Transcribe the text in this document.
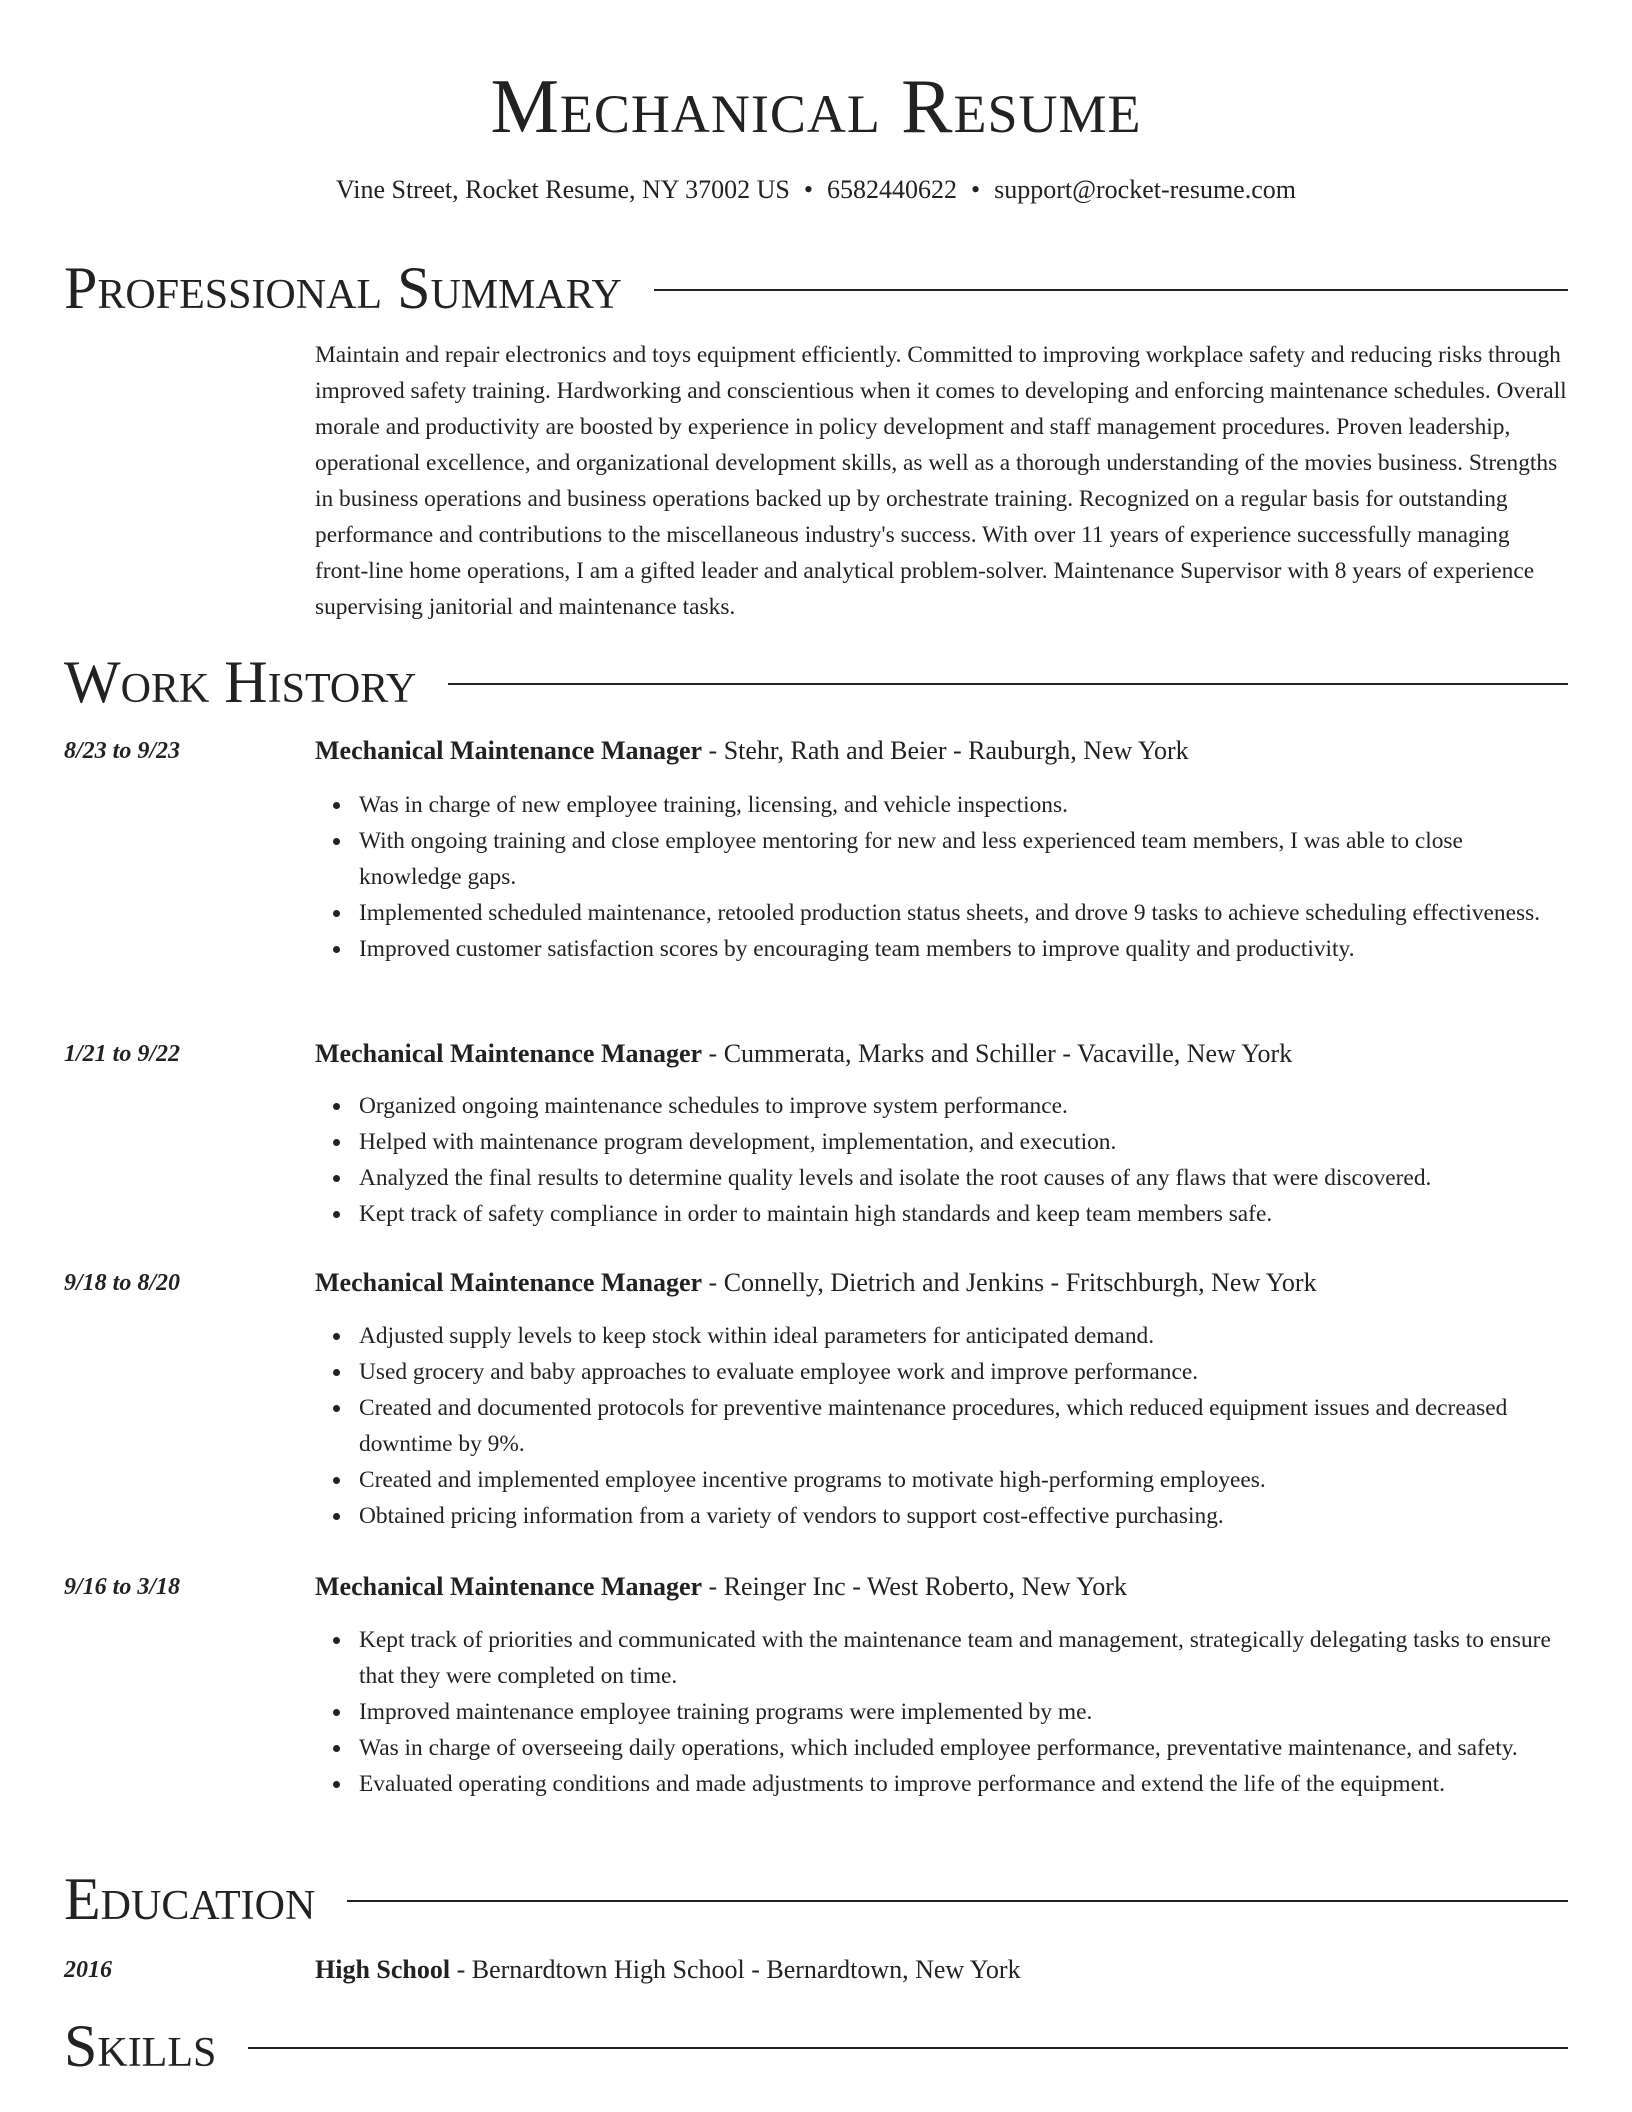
Mechanical Resume
Vine Street, Rocket Resume, NY 37002 US • 6582440622 • support@rocket-resume.com
Professional Summary

Maintain and repair electronics and toys equipment efficiently. Committed to improving workplace safety and reducing risks through improved safety training. Hardworking and conscientious when it comes to developing and enforcing maintenance schedules. Overall morale and productivity are boosted by experience in policy development and staff management procedures. Proven leadership, operational excellence, and organizational development skills, as well as a thorough understanding of the movies business. Strengths in business operations and business operations backed up by orchestrate training. Recognized on a regular basis for outstanding performance and contributions to the miscellaneous industry's success. With over 11 years of experience successfully managing front-line home operations, I am a gifted leader and analytical problem-solver. Maintenance Supervisor with 8 years of experience supervising janitorial and maintenance tasks.

Work History
8/23 to 9/23	Mechanical Maintenance Manager - Stehr, Rath and Beier - Rauburgh, New York
Was in charge of new employee training, licensing, and vehicle inspections.
With ongoing training and close employee mentoring for new and less experienced team members, I was able to close knowledge gaps.
Implemented scheduled maintenance, retooled production status sheets, and drove 9 tasks to achieve scheduling effectiveness.
Improved customer satisfaction scores by encouraging team members to improve quality and productivity.
1/21 to 9/22	Mechanical Maintenance Manager - Cummerata, Marks and Schiller - Vacaville, New York
Organized ongoing maintenance schedules to improve system performance.
Helped with maintenance program development, implementation, and execution.
Analyzed the final results to determine quality levels and isolate the root causes of any flaws that were discovered.
Kept track of safety compliance in order to maintain high standards and keep team members safe.
9/18 to 8/20	Mechanical Maintenance Manager - Connelly, Dietrich and Jenkins - Fritschburgh, New York
Adjusted supply levels to keep stock within ideal parameters for anticipated demand.
Used grocery and baby approaches to evaluate employee work and improve performance.
Created and documented protocols for preventive maintenance procedures, which reduced equipment issues and decreased downtime by 9%.
Created and implemented employee incentive programs to motivate high-performing employees.
Obtained pricing information from a variety of vendors to support cost-effective purchasing.
9/16 to 3/18	Mechanical Maintenance Manager - Reinger Inc - West Roberto, New York
Kept track of priorities and communicated with the maintenance team and management, strategically delegating tasks to ensure that they were completed on time.
Improved maintenance employee training programs were implemented by me.
Was in charge of overseeing daily operations, which included employee performance, preventative maintenance, and safety.
Evaluated operating conditions and made adjustments to improve performance and extend the life of the equipment.
Education
2016	High School - Bernardtown High School - Bernardtown, New York
Skills
